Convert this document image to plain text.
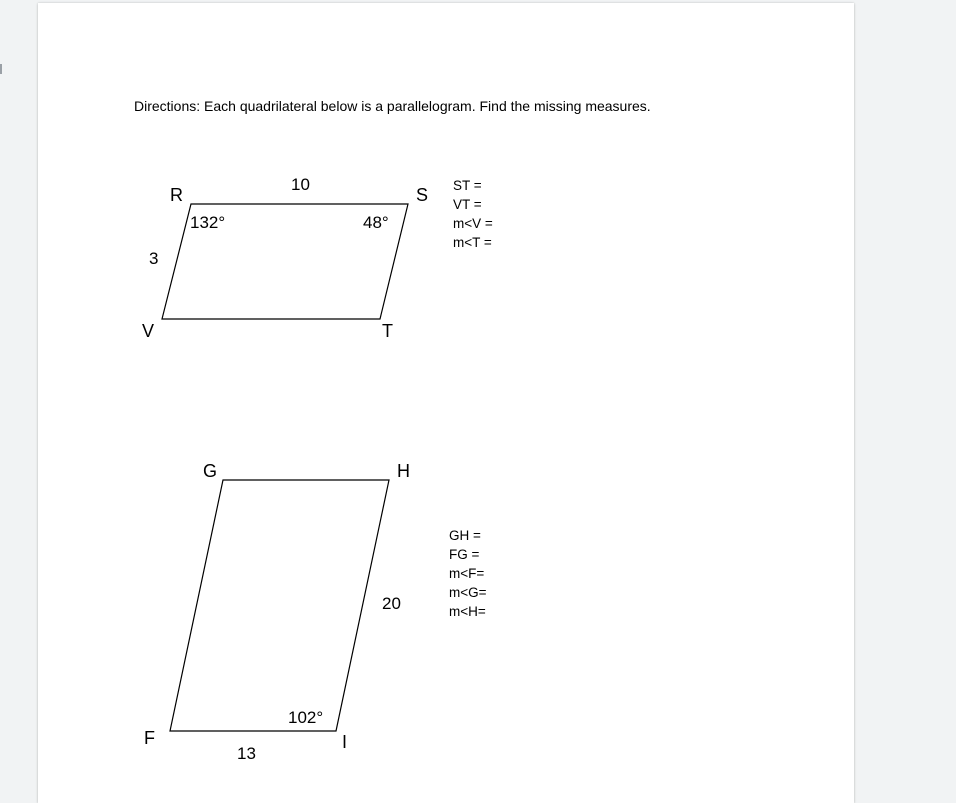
Directions: Each quadrilateral below is a parallelogram. Find the missing measures.
R	S
V	T
10
3
132°	48°
ST =
VT =
m<V =
m<T =
G	H
F	I
20
13
102°
GH =
FG =
m<F=
m<G=
m<H=
